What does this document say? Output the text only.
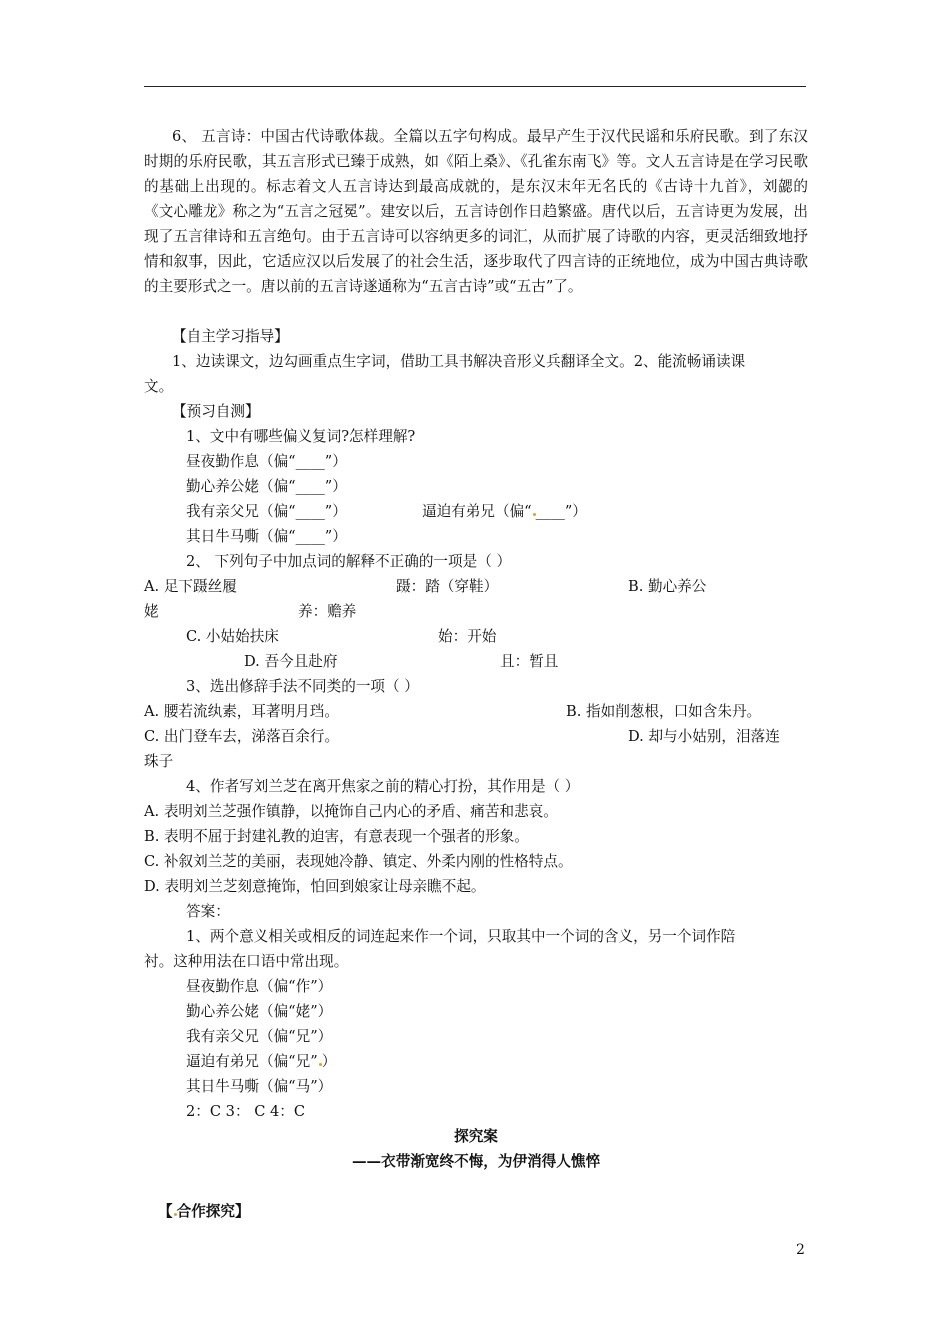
6、 五言诗：中国古代诗歌体裁。全篇以五字句构成。最早产生于汉代民谣和乐府民歌。到了东汉时期的乐府民歌，其五言形式已臻于成熟，如《陌上桑》、《孔雀东南飞》等。文人五言诗是在学习民歌的基础上出现的。标志着文人五言诗达到最高成就的，是东汉末年无名氏的《古诗十九首》，刘勰的《文心雕龙》称之为“五言之冠冕”。建安以后，五言诗创作日趋繁盛。唐代以后，五言诗更为发展，出现了五言律诗和五言绝句。由于五言诗可以容纳更多的词汇，从而扩展了诗歌的内容，更灵活细致地抒情和叙事，因此，它适应汉以后发展了的社会生活，逐步取代了四言诗的正统地位，成为中国古典诗歌的主要形式之一。唐以前的五言诗遂通称为“五言古诗”或“五古”了。
【自主学习指导】
1、边读课文，边勾画重点生字词，借助工具书解决音形义兵翻译全文。2、能流畅诵读课
文。
【预习自测】
1、文中有哪些偏义复词?怎样理解?
昼夜勤作息（偏“____”）
勤心养公姥（偏“____”）
我有亲父兄（偏“____”）	逼迫有弟兄（偏“ ____”）
其日牛马嘶（偏“____”）
2、 下列句子中加点词的解释不正确的一项是（ ）
A. 足下蹑丝履	蹑：踏（穿鞋）	B. 勤心养公
姥	养：赡养
C. 小姑始扶床	始：开始
D. 吾今且赴府	且：暂且
3、选出修辞手法不同类的一项（ ）
A. 腰若流纨素，耳著明月珰。	B. 指如削葱根，口如含朱丹。
C. 出门登车去，涕落百余行。	D. 却与小姑别，泪落连
珠子
4、作者写刘兰芝在离开焦家之前的精心打扮，其作用是（ ）
A. 表明刘兰芝强作镇静，以掩饰自己内心的矛盾、痛苦和悲哀。
B. 表明不屈于封建礼教的迫害，有意表现一个强者的形象。
C. 补叙刘兰芝的美丽，表现她冷静、镇定、外柔内刚的性格特点。
D. 表明刘兰芝刻意掩饰，怕回到娘家让母亲瞧不起。
答案：
1、两个意义相关或相反的词连起来作一个词，只取其中一个词的含义，另一个词作陪
衬。这种用法在口语中常出现。
昼夜勤作息（偏“作”）
勤心养公姥（偏“姥”）
我有亲父兄（偏“兄”）
逼迫有弟兄（偏“兄” ）
其日牛马嘶（偏“马”）
2：C 3： C 4：C
探究案
——衣带渐宽终不悔，为伊消得人憔悴
【 合作探究】
2
